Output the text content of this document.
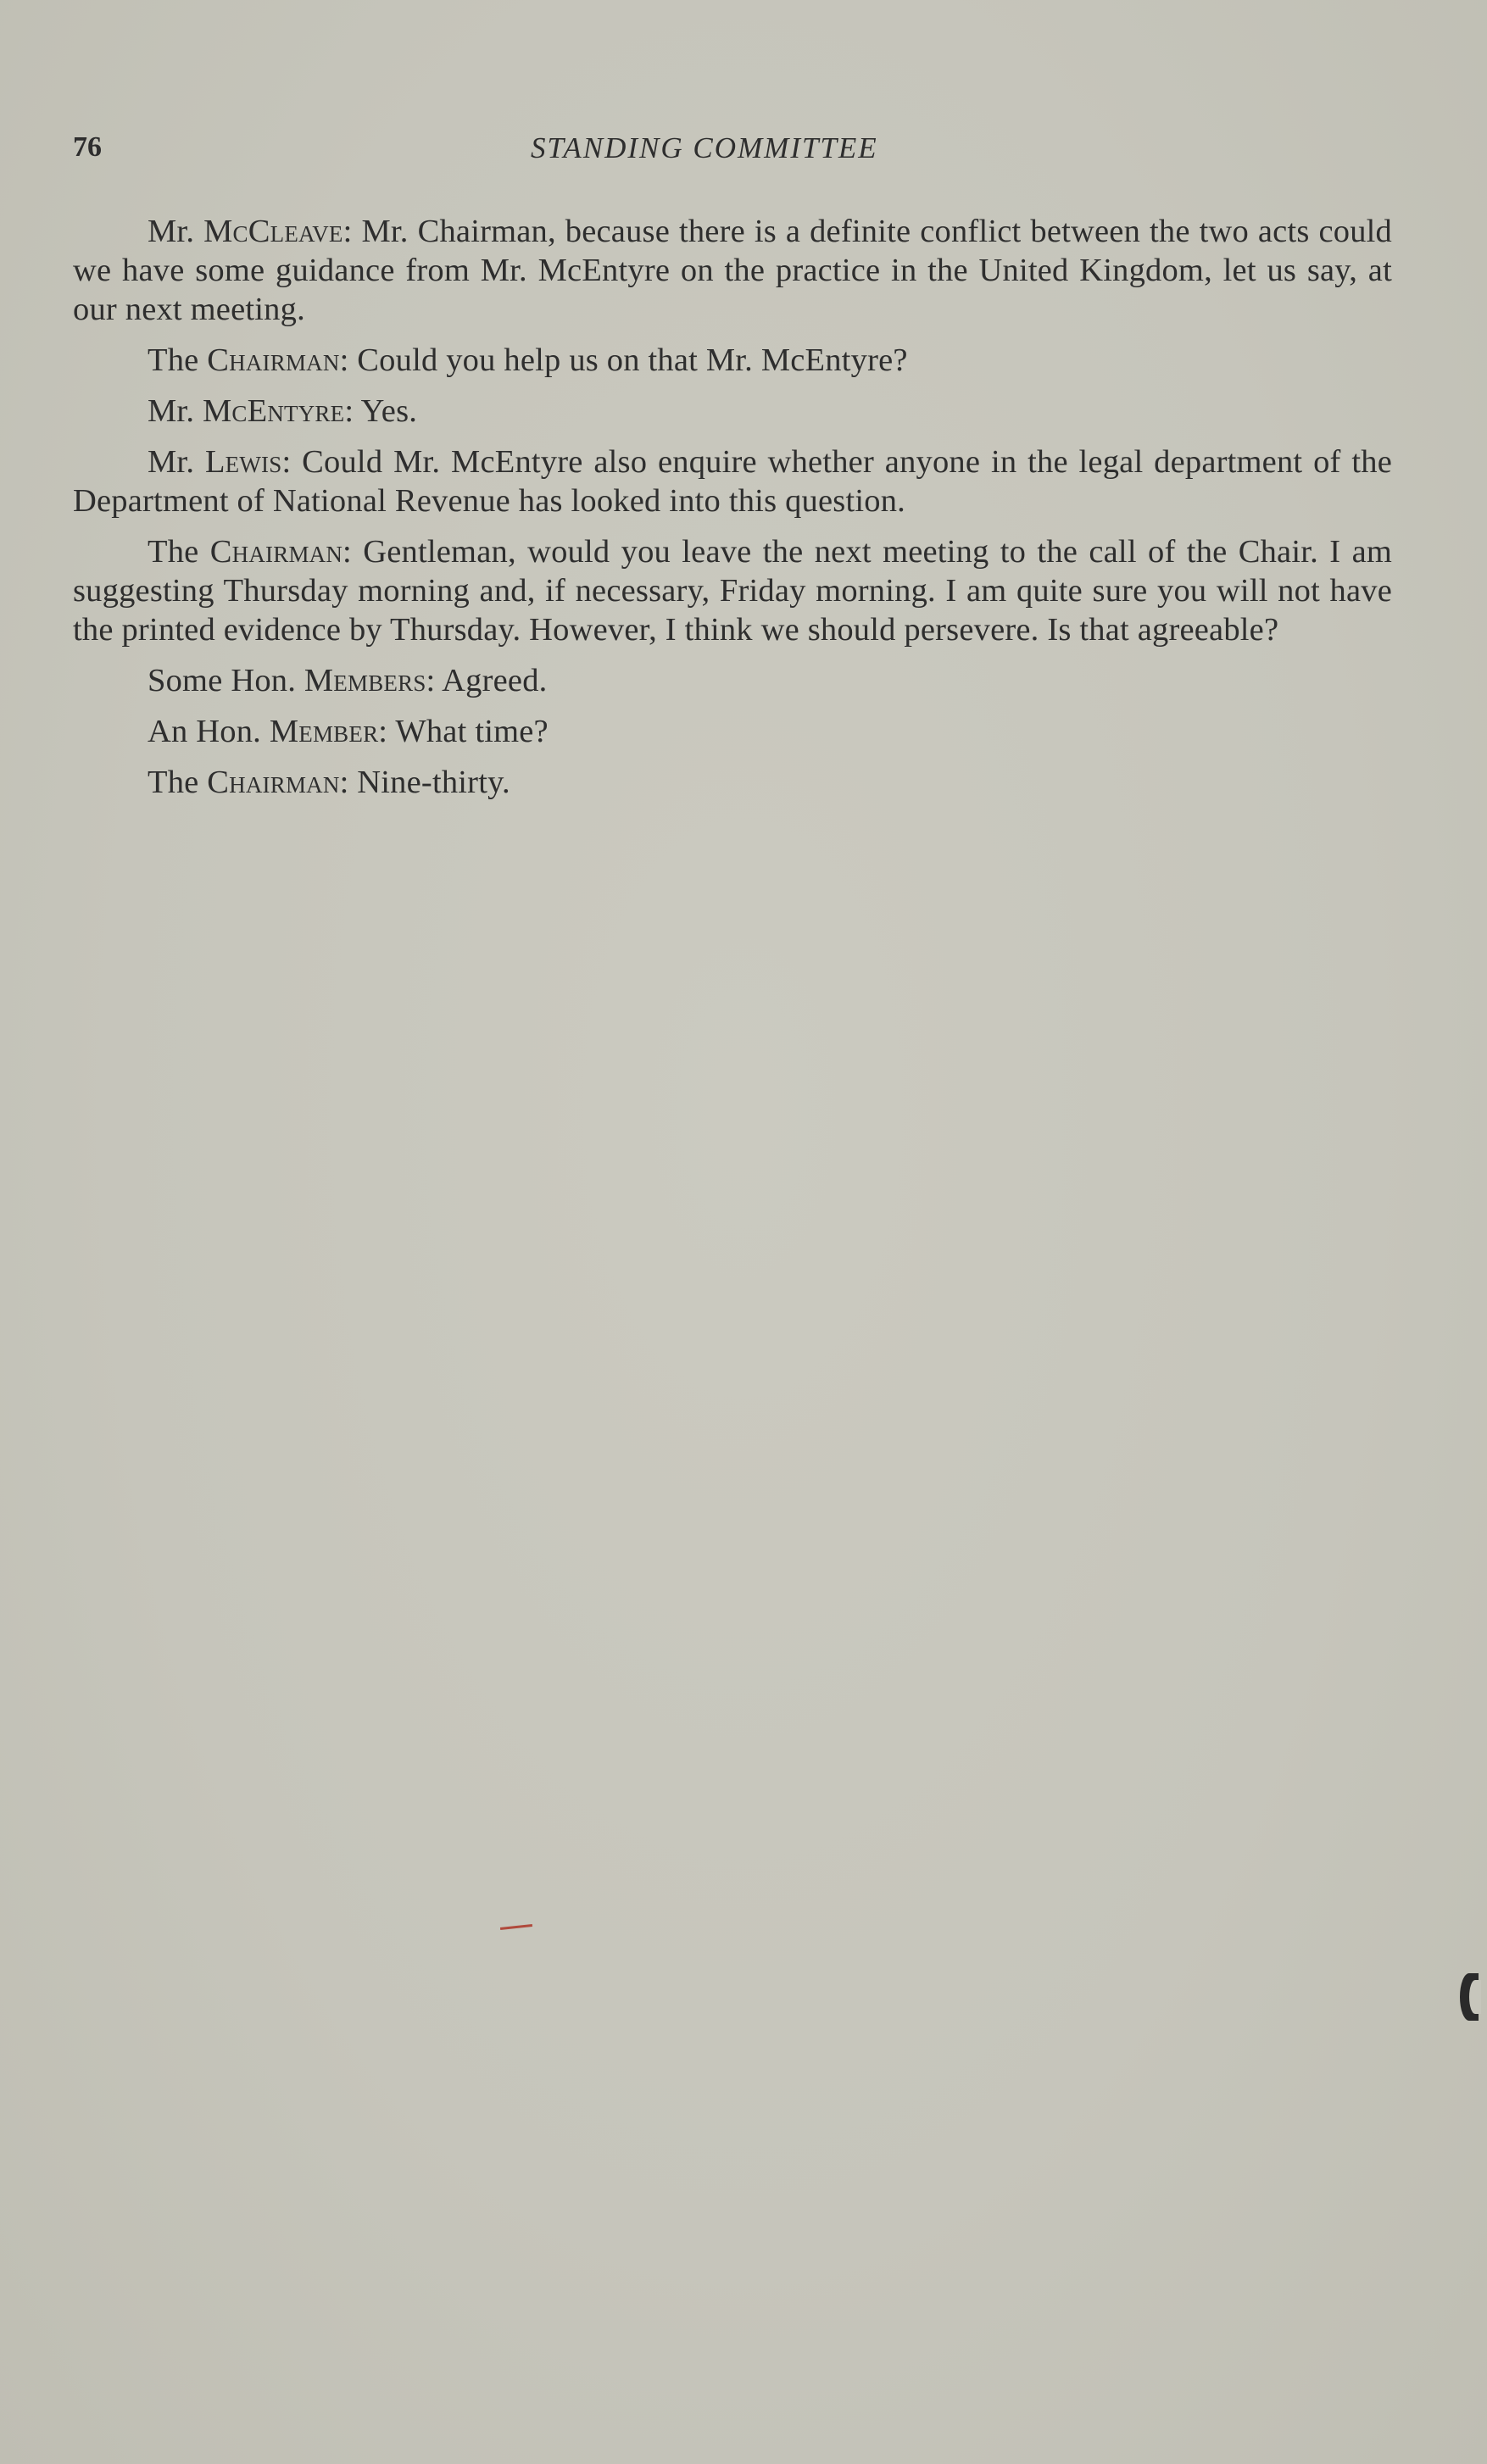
76	STANDING COMMITTEE

Mr. McCleave: Mr. Chairman, because there is a definite conflict between the two acts could we have some guidance from Mr. McEntyre on the practice in the United Kingdom, let us say, at our next meeting.

The Chairman: Could you help us on that Mr. McEntyre?

Mr. McEntyre: Yes.

Mr. Lewis: Could Mr. McEntyre also enquire whether anyone in the legal department of the Department of National Revenue has looked into this question.

The Chairman: Gentleman, would you leave the next meeting to the call of the Chair. I am suggesting Thursday morning and, if necessary, Friday morning. I am quite sure you will not have the printed evidence by Thursday. However, I think we should persevere. Is that agreeable?

Some Hon. Members: Agreed.

An Hon. Member: What time?

The Chairman: Nine-thirty.
